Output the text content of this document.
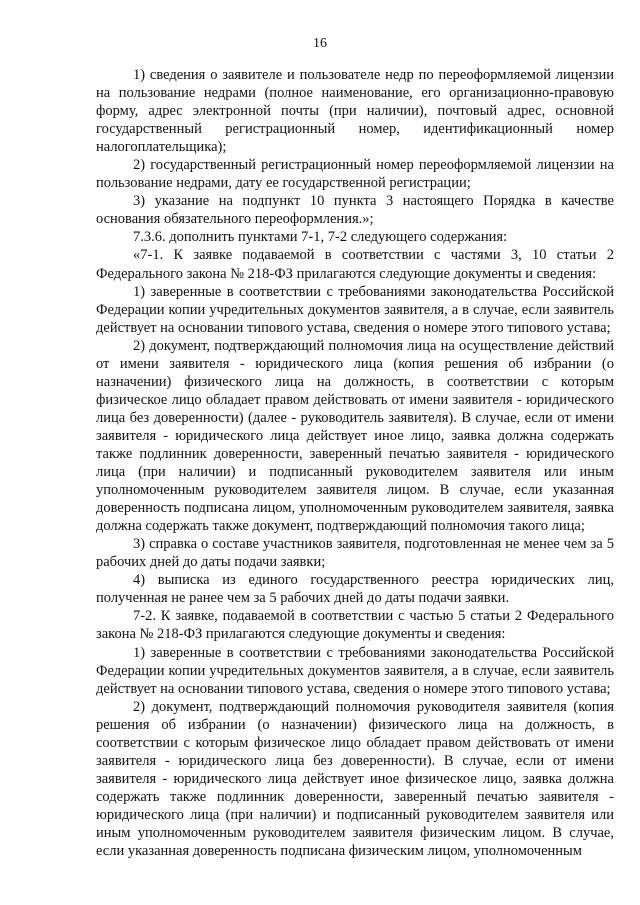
16

1) сведения о заявителе и пользователе недр по переоформляемой лицензии на пользование недрами (полное наименование, его организационно-правовую форму, адрес электронной почты (при наличии), почтовый адрес, основной государственный регистрационный номер, идентификационный номер налогоплательщика);

2) государственный регистрационный номер переоформляемой лицензии на пользование недрами, дату ее государственной регистрации;

3) указание на подпункт 10 пункта 3 настоящего Порядка в качестве основания обязательного переоформления.»;

7.3.6. дополнить пунктами 7-1, 7-2 следующего содержания:

«7-1. К заявке подаваемой в соответствии с частями 3, 10 статьи 2 Федерального закона № 218-ФЗ прилагаются следующие документы и сведения:

1) заверенные в соответствии с требованиями законодательства Российской Федерации копии учредительных документов заявителя, а в случае, если заявитель действует на основании типового устава, сведения о номере этого типового устава;

2) документ, подтверждающий полномочия лица на осуществление действий от имени заявителя - юридического лица (копия решения об избрании (о назначении) физического лица на должность, в соответствии с которым физическое лицо обладает правом действовать от имени заявителя - юридического лица без доверенности) (далее - руководитель заявителя). В случае, если от имени заявителя - юридического лица действует иное лицо, заявка должна содержать также подлинник доверенности, заверенный печатью заявителя - юридического лица (при наличии) и подписанный руководителем заявителя или иным уполномоченным руководителем заявителя лицом. В случае, если указанная доверенность подписана лицом, уполномоченным руководителем заявителя, заявка должна содержать также документ, подтверждающий полномочия такого лица;

3) справка о составе участников заявителя, подготовленная не менее чем за 5 рабочих дней до даты подачи заявки;

4) выписка из единого государственного реестра юридических лиц, полученная не ранее чем за 5 рабочих дней до даты подачи заявки.

7-2. К заявке, подаваемой в соответствии с частью 5 статьи 2 Федерального закона № 218-ФЗ прилагаются следующие документы и сведения:

1) заверенные в соответствии с требованиями законодательства Российской Федерации копии учредительных документов заявителя, а в случае, если заявитель действует на основании типового устава, сведения о номере этого типового устава;

2) документ, подтверждающий полномочия руководителя заявителя (копия решения об избрании (о назначении) физического лица на должность, в соответствии с которым физическое лицо обладает правом действовать от имени заявителя - юридического лица без доверенности). В случае, если от имени заявителя - юридического лица действует иное физическое лицо, заявка должна содержать также подлинник доверенности, заверенный печатью заявителя - юридического лица (при наличии) и подписанный руководителем заявителя или иным уполномоченным руководителем заявителя физическим лицом. В случае, если указанная доверенность подписана физическим лицом, уполномоченным
